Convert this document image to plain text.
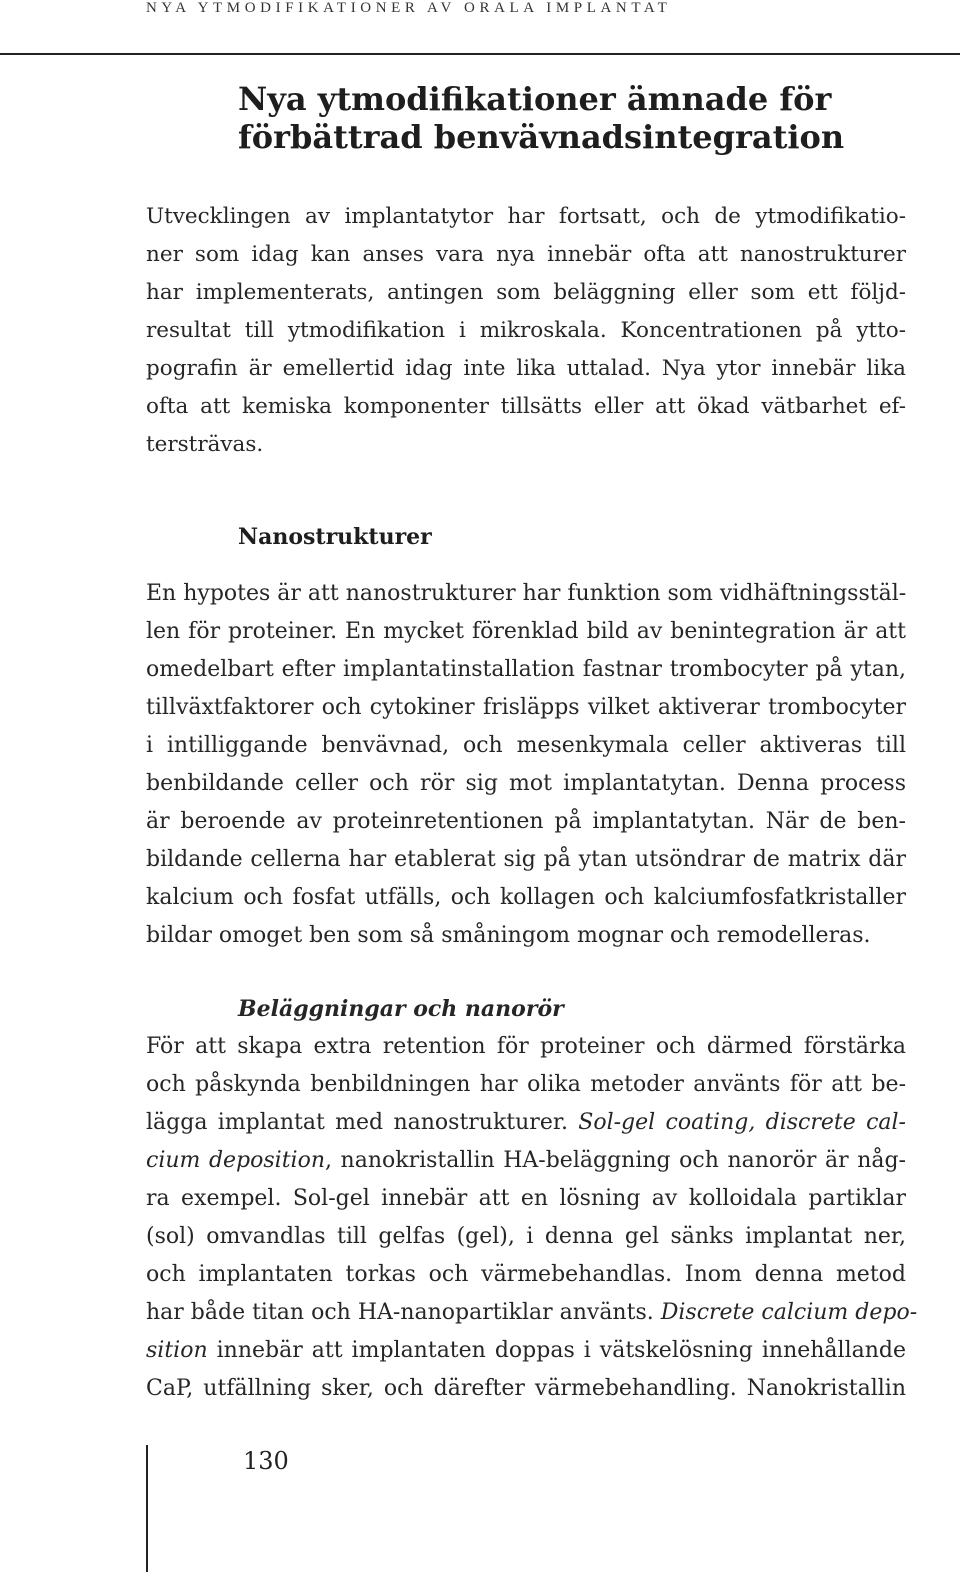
NYA YTMODIFIKATIONER AV ORALA IMPLANTAT
Nya ytmodifikationer ämnade för
förbättrad benvävnadsintegration
Utvecklingen av implantatytor har fortsatt, och de ytmodifikatio-
ner som idag kan anses vara nya innebär ofta att nanostrukturer
har implementerats, antingen som beläggning eller som ett följd-
resultat till ytmodifikation i mikroskala. Koncentrationen på ytto-
pografin är emellertid idag inte lika uttalad. Nya ytor innebär lika
ofta att kemiska komponenter tillsätts eller att ökad vätbarhet ef-
tersträvas.
Nanostrukturer
En hypotes är att nanostrukturer har funktion som vidhäftningsstäl-
len för proteiner. En mycket förenklad bild av benintegration är att
omedelbart efter implantatinstallation fastnar trombocyter på ytan,
tillväxtfaktorer och cytokiner frisläpps vilket aktiverar trombocyter
i intilliggande benvävnad, och mesenkymala celler aktiveras till
benbildande celler och rör sig mot implantatytan. Denna process
är beroende av proteinretentionen på implantatytan. När de ben-
bildande cellerna har etablerat sig på ytan utsöndrar de matrix där
kalcium och fosfat utfälls, och kollagen och kalciumfosfatkristaller
bildar omoget ben som så småningom mognar och remodelleras.
Beläggningar och nanorör
För att skapa extra retention för proteiner och därmed förstärka
och påskynda benbildningen har olika metoder använts för att be-
lägga implantat med nanostrukturer. Sol-gel coating, discrete cal-
cium deposition, nanokristallin HA-beläggning och nanorör är någ-
ra exempel. Sol-gel innebär att en lösning av kolloidala partiklar
(sol) omvandlas till gelfas (gel), i denna gel sänks implantat ner,
och implantaten torkas och värmebehandlas. Inom denna metod
har både titan och HA-nanopartiklar använts. Discrete calcium depo-
sition innebär att implantaten doppas i vätskelösning innehållande
CaP, utfällning sker, och därefter värmebehandling. Nanokristallin
130
